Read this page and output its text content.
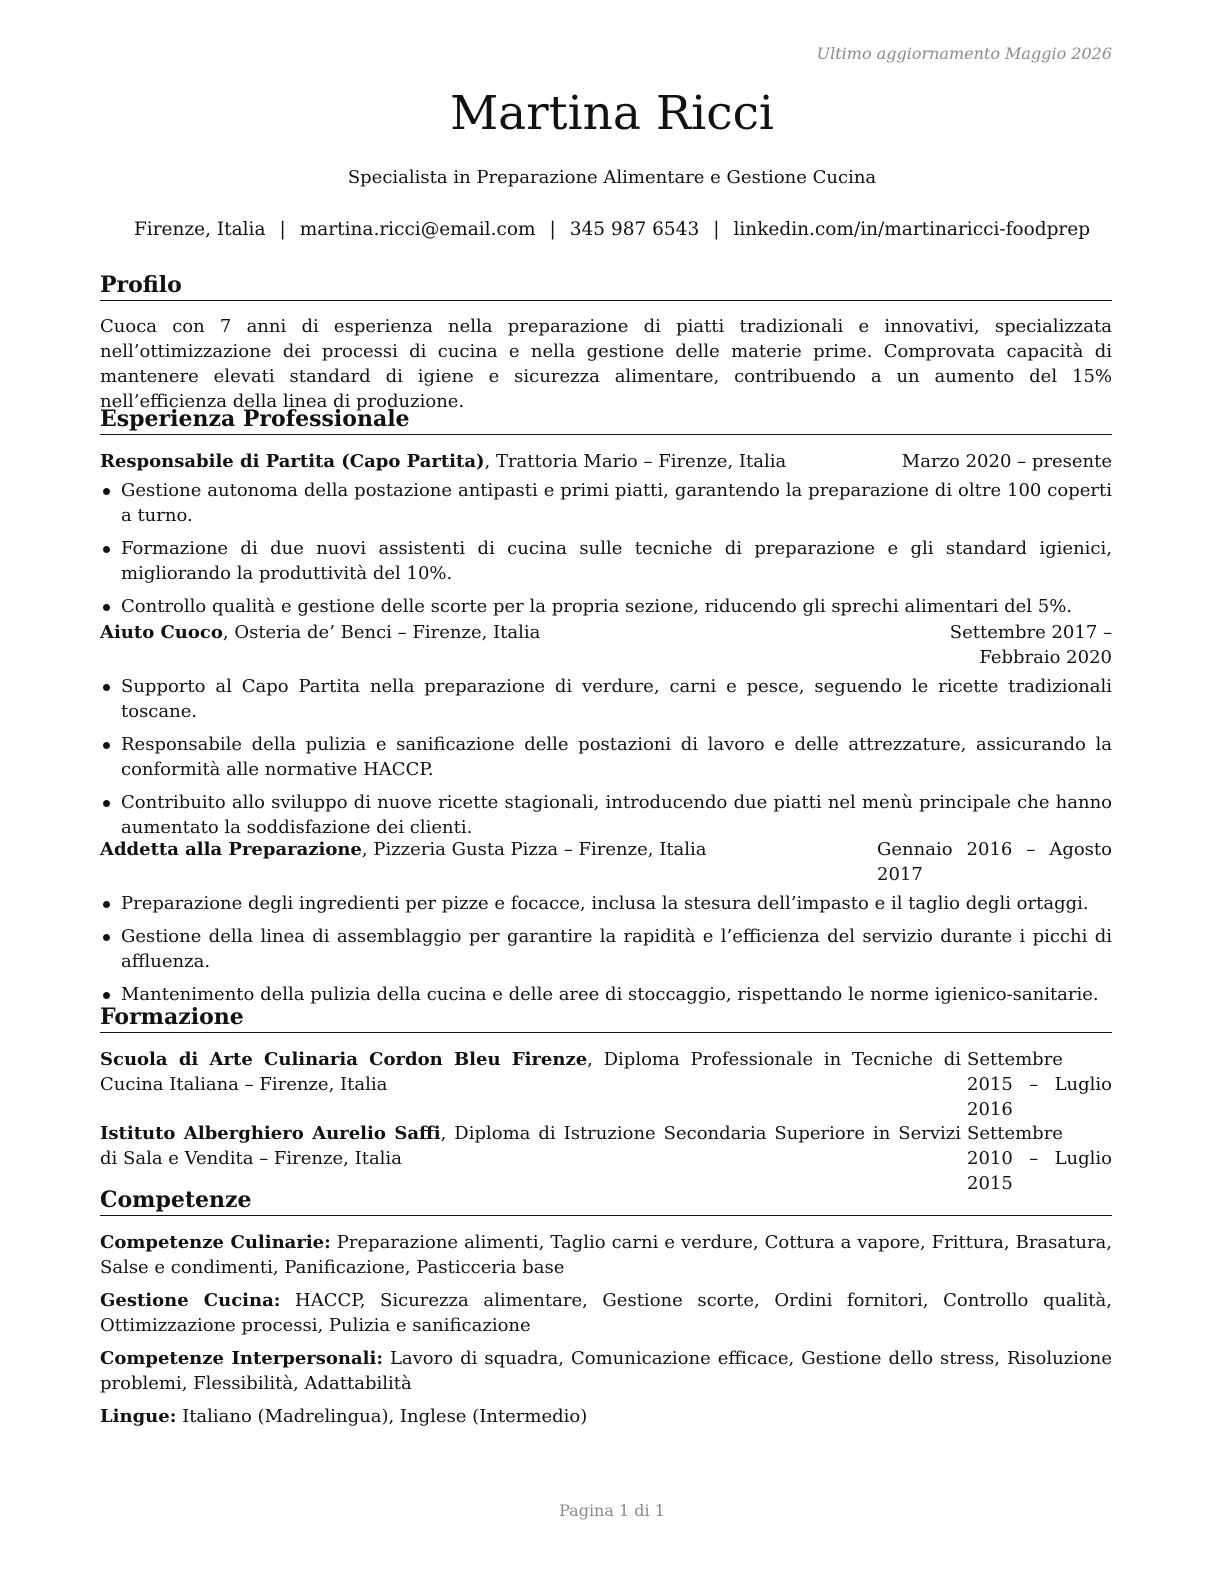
Ultimo aggiornamento Maggio 2026
Martina Ricci
Specialista in Preparazione Alimentare e Gestione Cucina
Firenze, Italia | martina.ricci@email.com | 345 987 6543 | linkedin.com/in/martinaricci-foodprep
Profilo
Cuoca con 7 anni di esperienza nella preparazione di piatti tradizionali e innovativi, specializzata nell’ottimizzazione dei processi di cucina e nella gestione delle materie prime. Comprovata capacità di mantenere elevati standard di igiene e sicurezza alimentare, contribuendo a un aumento del 15% nell’efficienza della linea di produzione.
Esperienza Professionale
Responsabile di Partita (Capo Partita), Trattoria Mario – Firenze, Italia	Marzo 2020 – presente
Gestione autonoma della postazione antipasti e primi piatti, garantendo la preparazione di oltre 100 coperti a turno.
Formazione di due nuovi assistenti di cucina sulle tecniche di preparazione e gli standard igienici, migliorando la produttività del 10%.
Controllo qualità e gestione delle scorte per la propria sezione, riducendo gli sprechi alimentari del 5%.
Aiuto Cuoco, Osteria de’ Benci – Firenze, Italia	Settembre 2017 – Febbraio 2020
Supporto al Capo Partita nella preparazione di verdure, carni e pesce, seguendo le ricette tradizionali toscane.
Responsabile della pulizia e sanificazione delle postazioni di lavoro e delle attrezzature, assicurando la conformità alle normative HACCP.
Contribuito allo sviluppo di nuove ricette stagionali, introducendo due piatti nel menù principale che hanno aumentato la soddisfazione dei clienti.
Addetta alla Preparazione, Pizzeria Gusta Pizza – Firenze, Italia	Gennaio 2016 – Agosto 2017
Preparazione degli ingredienti per pizze e focacce, inclusa la stesura dell’impasto e il taglio degli ortaggi.
Gestione della linea di assemblaggio per garantire la rapidità e l’efficienza del servizio durante i picchi di affluenza.
Mantenimento della pulizia della cucina e delle aree di stoccaggio, rispettando le norme igienico-sanitarie.
Formazione
Scuola di Arte Culinaria Cordon Bleu Firenze, Diploma Professionale in Tecniche di Cucina Italiana – Firenze, Italia
Settembre 2015 – Luglio 2016
Istituto Alberghiero Aurelio Saffi, Diploma di Istruzione Secondaria Superiore in Servizi di Sala e Vendita – Firenze, Italia
Settembre 2010 – Luglio 2015
Competenze
Competenze Culinarie: Preparazione alimenti, Taglio carni e verdure, Cottura a vapore, Frittura, Brasatura, Salse e condimenti, Panificazione, Pasticceria base
Gestione Cucina: HACCP, Sicurezza alimentare, Gestione scorte, Ordini fornitori, Controllo qualità, Ottimizzazione processi, Pulizia e sanificazione
Competenze Interpersonali: Lavoro di squadra, Comunicazione efficace, Gestione dello stress, Risoluzione problemi, Flessibilità, Adattabilità
Lingue: Italiano (Madrelingua), Inglese (Intermedio)
Pagina 1 di 1
